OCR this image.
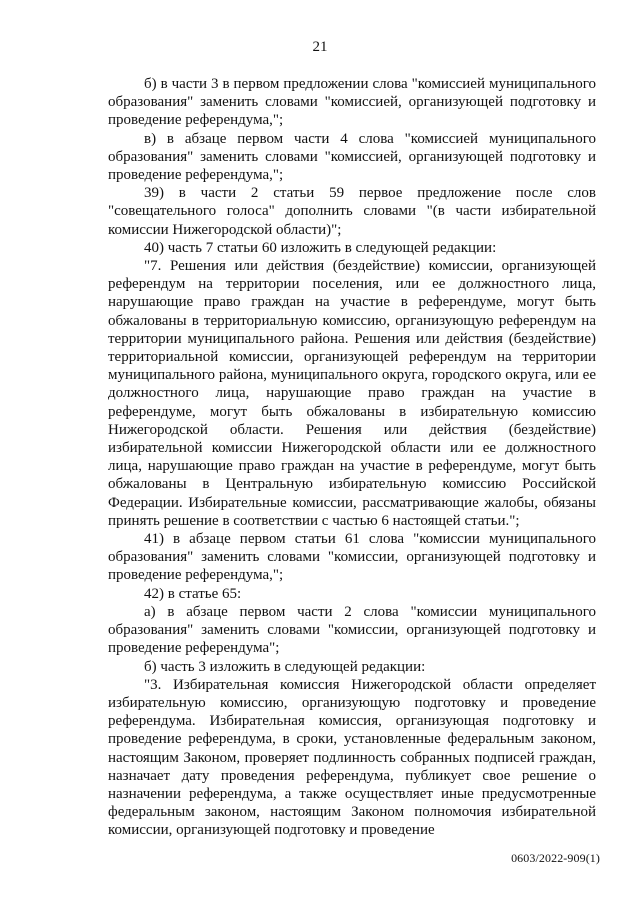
21

б) в части 3 в первом предложении слова "комиссией муниципального образования" заменить словами "комиссией, организующей подготовку и проведение референдума,";

в) в абзаце первом части 4 слова "комиссией муниципального образования" заменить словами "комиссией, организующей подготовку и проведение референдума,";

39) в части 2 статьи 59 первое предложение после слов "совещательного голоса" дополнить словами "(в части избирательной комиссии Нижегородской области)";

40) часть 7 статьи 60 изложить в следующей редакции:

"7. Решения или действия (бездействие) комиссии, организующей референдум на территории поселения, или ее должностного лица, нарушающие право граждан на участие в референдуме, могут быть обжалованы в территориальную комиссию, организующую референдум на территории муниципального района. Решения или действия (бездействие) территориальной комиссии, организующей референдум на территории муниципального района, муниципального округа, городского округа, или ее должностного лица, нарушающие право граждан на участие в референдуме, могут быть обжалованы в избирательную комиссию Нижегородской области. Решения или действия (бездействие) избирательной комиссии Нижегородской области или ее должностного лица, нарушающие право граждан на участие в референдуме, могут быть обжалованы в Центральную избирательную комиссию Российской Федерации. Избирательные комиссии, рассматривающие жалобы, обязаны принять решение в соответствии с частью 6 настоящей статьи.";

41) в абзаце первом статьи 61 слова "комиссии муниципального образования" заменить словами "комиссии, организующей подготовку и проведение референдума,";

42) в статье 65:

а) в абзаце первом части 2 слова "комиссии муниципального образования" заменить словами "комиссии, организующей подготовку и проведение референдума";

б) часть 3 изложить в следующей редакции:

"3. Избирательная комиссия Нижегородской области определяет избирательную комиссию, организующую подготовку и проведение референдума. Избирательная комиссия, организующая подготовку и проведение референдума, в сроки, установленные федеральным законом, настоящим Законом, проверяет подлинность собранных подписей граждан, назначает дату проведения референдума, публикует свое решение о назначении референдума, а также осуществляет иные предусмотренные федеральным законом, настоящим Законом полномочия избирательной комиссии, организующей подготовку и проведение

0603/2022-909(1)
